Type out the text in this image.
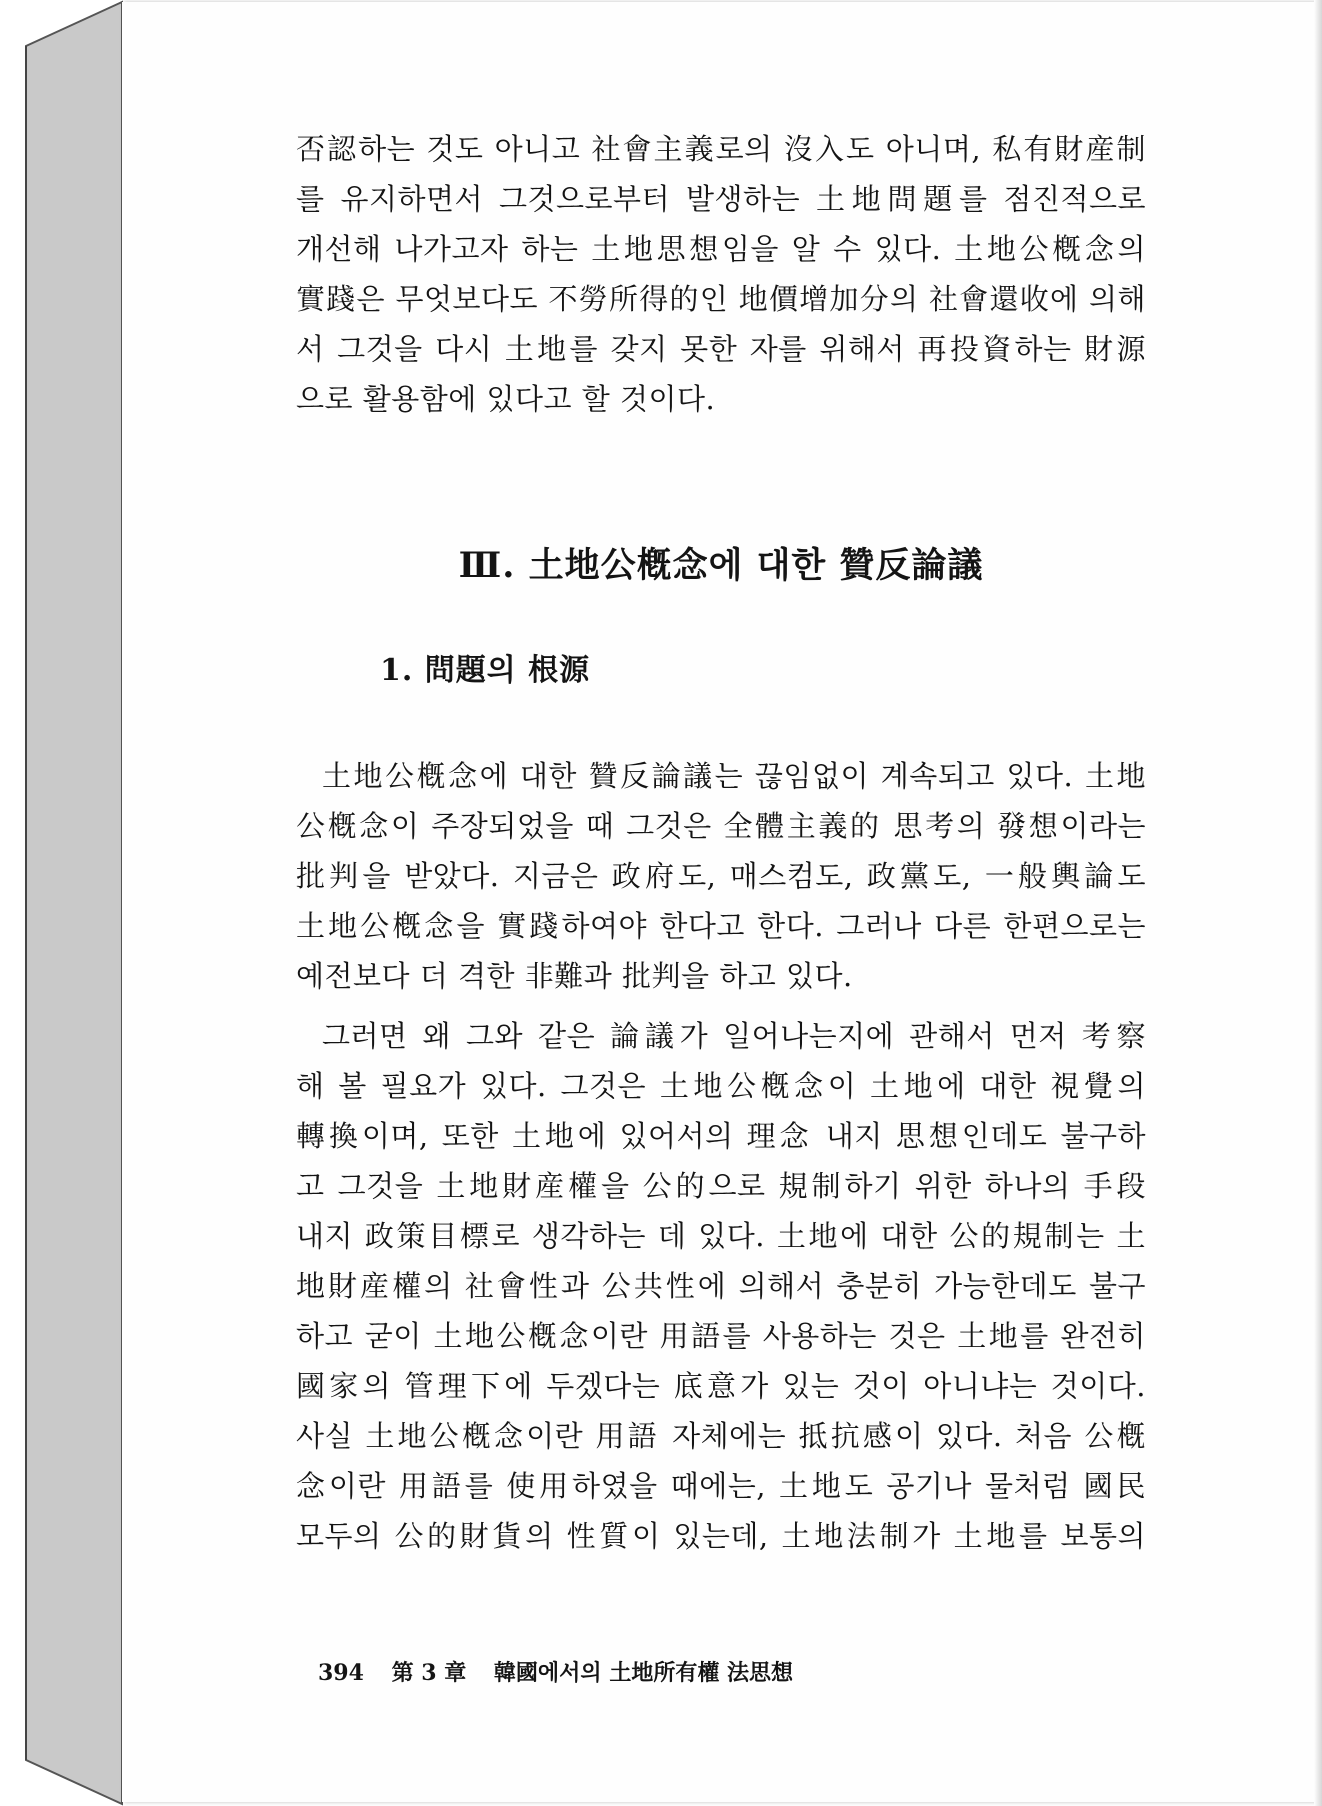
否認하는 것도 아니고 社會主義로의 沒入도 아니며, 私有財産制
를 유지하면서 그것으로부터 발생하는 土地問題를 점진적으로
개선해 나가고자 하는 土地思想임을 알 수 있다. 土地公槪念의
實踐은 무엇보다도 不勞所得的인 地價增加分의 社會還收에 의해
서 그것을 다시 土地를 갖지 못한 자를 위해서 再投資하는 財源
으로 활용함에 있다고 할 것이다.
Ⅲ. 土地公槪念에 대한 贊反論議
1. 問題의 根源
土地公槪念에 대한 贊反論議는 끊임없이 계속되고 있다. 土地
公槪念이 주장되었을 때 그것은 全體主義的 思考의 發想이라는
批判을 받았다. 지금은 政府도, 매스컴도, 政黨도, 一般輿論도
土地公槪念을 實踐하여야 한다고 한다. 그러나 다른 한편으로는
예전보다 더 격한 非難과 批判을 하고 있다.
그러면 왜 그와 같은 論議가 일어나는지에 관해서 먼저 考察
해 볼 필요가 있다. 그것은 土地公槪念이 土地에 대한 視覺의
轉換이며, 또한 土地에 있어서의 理念 내지 思想인데도 불구하
고 그것을 土地財産權을 公的으로 規制하기 위한 하나의 手段
내지 政策目標로 생각하는 데 있다. 土地에 대한 公的規制는 土
地財産權의 社會性과 公共性에 의해서 충분히 가능한데도 불구
하고 굳이 土地公槪念이란 用語를 사용하는 것은 土地를 완전히
國家의 管理下에 두겠다는 底意가 있는 것이 아니냐는 것이다.
사실 土地公槪念이란 用語 자체에는 抵抗感이 있다. 처음 公槪
念이란 用語를 使用하였을 때에는, 土地도 공기나 물처럼 國民
모두의 公的財貨의 性質이 있는데, 土地法制가 土地를 보통의
394 第 3 章 韓國에서의 土地所有權 法思想
